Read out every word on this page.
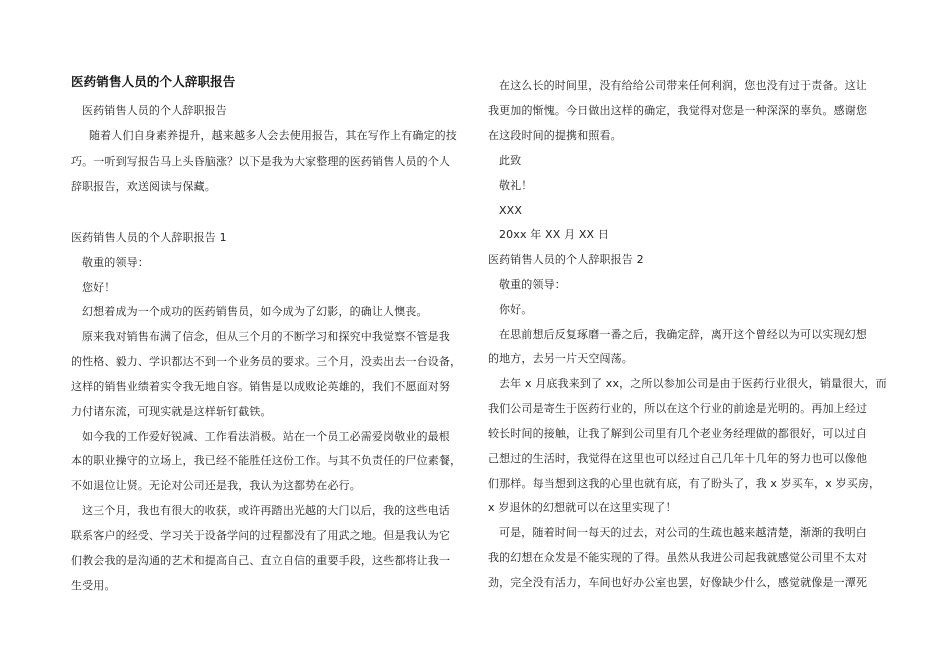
医药销售人员的个人辞职报告
医药销售人员的个人辞职报告
随着人们自身素养提升，越来越多人会去使用报告，其在写作上有确定的技
巧。一听到写报告马上头昏脑涨？以下是我为大家整理的医药销售人员的个人
辞职报告，欢送阅读与保藏。
医药销售人员的个人辞职报告 1
敬重的领导：
您好！
幻想着成为一个成功的医药销售员，如今成为了幻影，的确让人懊丧。
原来我对销售布满了信念，但从三个月的不断学习和探究中我觉察不管是我
的性格、毅力、学识都达不到一个业务员的要求。三个月，没卖出去一台设备，
这样的销售业绩着实令我无地自容。销售是以成败论英雄的，我们不愿面对努
力付诸东流，可现实就是这样斩钉截铁。
如今我的工作爱好锐减、工作看法消极。站在一个员工必需爱岗敬业的最根
本的职业操守的立场上，我已经不能胜任这份工作。与其不负责任的尸位素餐，
不如退位让贤。无论对公司还是我，我认为这都势在必行。
这三个月，我也有很大的收获，或许再踏出光越的大门以后，我的这些电话
联系客户的经受、学习关于设备学问的过程都没有了用武之地。但是我认为它
们教会我的是沟通的艺术和提高自己、直立自信的重要手段，这些都将让我一
生受用。
在这么长的时间里，没有给给公司带来任何利润，您也没有过于责备。这让
我更加的惭愧。今日做出这样的确定，我觉得对您是一种深深的辜负。感谢您
在这段时间的提携和照看。
此致
敬礼！
XXX
20xx 年 XX 月 XX 日
医药销售人员的个人辞职报告 2
敬重的领导：
你好。
在思前想后反复琢磨一番之后，我确定辞，离开这个曾经以为可以实现幻想
的地方，去另一片天空闯荡。
去年 x 月底我来到了 xx，之所以参加公司是由于医药行业很火，销量很大，而
我们公司是寄生于医药行业的，所以在这个行业的前途是光明的。再加上经过
较长时间的接触，让我了解到公司里有几个老业务经理做的都很好，可以过自
己想过的生活时，我觉得在这里也可以经过自己几年十几年的努力也可以像他
们那样。每当想到这我的心里也就有底，有了盼头了，我 x 岁买车，x 岁买房，
x 岁退休的幻想就可以在这里实现了！
可是，随着时间一每天的过去，对公司的生疏也越来越清楚，渐渐的我明白
我的幻想在众发是不能实现的了得。虽然从我进公司起我就感觉公司里不太对
劲，完全没有活力，车间也好办公室也罢，好像缺少什么，感觉就像是一潭死
